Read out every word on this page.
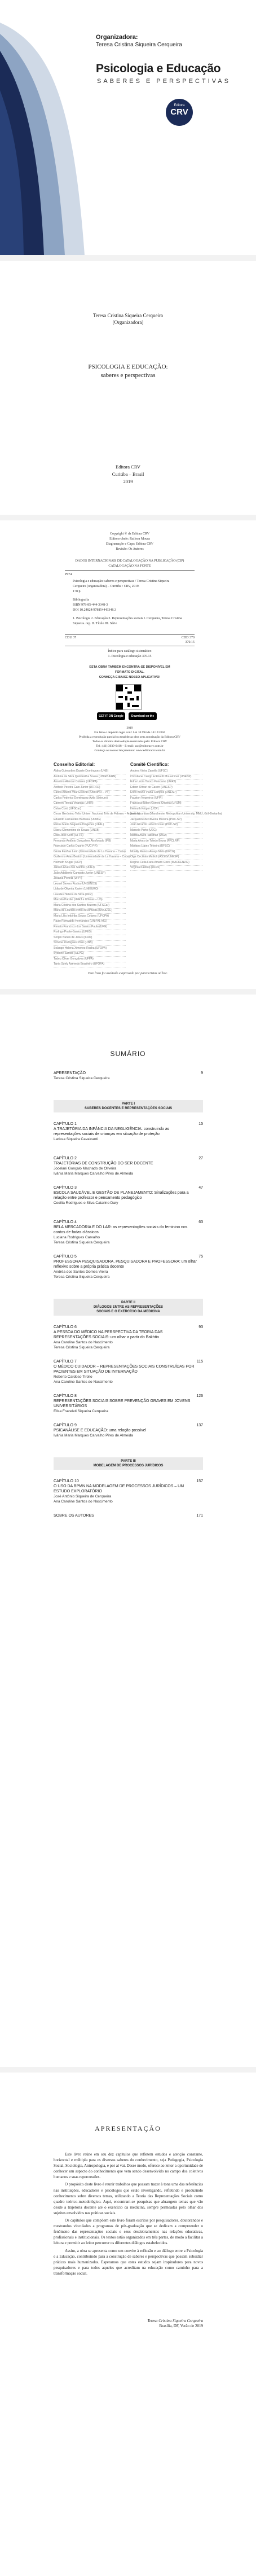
Organizadora:
Teresa Cristina Siqueira Cerqueira
Psicologia e Educação
SABERES E PERSPECTIVAS
Editora
CRV
Teresa Cristina Siqueira Cerqueira
(Organizadora)
PSICOLOGIA E EDUCAÇÃO:
saberes e perspectivas
Editora CRV
Curitiba – Brasil
2019
Copyright © da Editora CRV
Editora-chefe: Railson Moura
Diagramação e Capa: Editora CRV
Revisão: Os Autores
DADOS INTERNACIONAIS DE CATALOGAÇÃO NA PUBLICAÇÃO (CIP)
CATALOGAÇÃO NA FONTE
P974
Psicologia e educação: saberes e perspectivas / Teresa Cristina Siqueira
Cerqueira (organizadora) – Curitiba : CRV, 2019.
178 p.
Bibliografia
ISBN 978-85-444-3348-3
DOI 10.24824/978854443348.3
1. Psicologia 2. Educação 3. Representações sociais I. Cerqueira, Teresa Cristina Siqueira. org. II. Título III. Série
CDU 37	CDD 370
370.15
Índice para catálogo sistemático
1. Psicologia e educação 370.15
ESTA OBRA TAMBÉM ENCONTRA-SE DISPONÍVEL EM
FORMATO DIGITAL.
CONHEÇA E BAIXE NOSSO APLICATIVO!
GET IT ON Google Play
Download on the App Store
2019
Foi feito o depósito legal conf. Lei 10.994 de 14/12/2004
Proibida a reprodução parcial ou total desta obra sem autorização da Editora CRV
Todos os direitos desta edição reservados pela: Editora CRV
Tel.: (41) 3039-6418 – E-mail: sac@editoracrv.com.br
Conheça os nossos lançamentos: www.editoracrv.com.br
Conselho Editorial:
Aldira Guimarães Duarte Domínguez (UNB)
Andréia da Silva Quintanilha Sousa (UNIR/UFRN)
Anselmo Alencar Colares (UFOPA)
Antônio Pereira Gaio Júnior (UFRRJ)
Carlos Alberto Vilar Estêvão (UMINHO – PT)
Carlos Federico Dominguez Avila (Unieuro)
Carmen Tereza Velanga (UNIR)
Celso Conti (UFSCar)
Cesar Gerónimo Tello (Univer. Nacional Três de Febrero – Argentina)
Eduardo Fernandes Barbosa (UFMG)
Elione Maria Nogueira Diogenes (UFAL)
Elizeu Clementino de Souza (UNEB)
Élsio José Corá (UFFS)
Fernando Antônio Gonçalves Alcoforado (IPB)
Francisco Carlos Duarte (PUC-PR)
Gloria Fariñas León (Universidade de La Havana – Cuba)
Guillermo Arias Beatón (Universidade de La Havana – Cuba)
Helmuth Krüger (UCP)
Jailson Alves dos Santos (UFRJ)
João Adalberto Campato Junior (UNESP)
Josania Portela (UFPI)
Leonel Severo Rocha (UNISINOS)
Lídia de Oliveira Xavier (UNIEURO)
Lourdes Helena da Silva (UFV)
Marcelo Paixão (UFRJ e UTexas – US)
Maria Cristina dos Santos Bezerra (UFSCar)
Maria de Lourdes Pinto de Almeida (UNOESC)
Maria Lília Imbiriba Sousa Colares (UFOPA)
Paulo Romualdo Hernandes (UNIFAL-MG)
Renato Francisco dos Santos Paula (UFG)
Rodrigo Pratte-Santos (UFES)
Sérgio Nunes de Jesus (IFRO)
Simone Rodrigues Pinto (UNB)
Solange Helena Ximenes-Rocha (UFOPA)
Sydione Santos (UEPG)
Tadeu Oliver Gonçalves (UFPA)
Tania Suely Azevedo Brasileiro (UFOPA)
Comitê Científico:
Andrea Vieira Zanella (UFSC)
Christiane Carrijo Eckhardt Mouammar (UNESP)
Edna Lúcia Tinoco Ponciano (UERJ)
Edson Olivari de Castro (UNESP)
Érico Bruno Viana Campos (UNESP)
Fauston Negreiros (UFPI)
Francisco Nilton Gomes Oliveira (UFSM)
Helmuth Krüger (UCP)
Ilana Mountian (Manchester Metropolitan University, MMU, Grã-Bretanha)
Jacqueline de Oliveira Moreira (PUC-SP)
João Ricardo Lebert Cozac (PUC-SP)
Marcelo Porto (UEG)
Marcia Alves Tassinari (USU)
Maria Alves de Toledo Bruns (FFCLRP)
Mariana Lopez Teixeira (UFSC)
Monilly Ramos Araujo Melo (UFCG)
Olga Ceciliato Mattioli (ASSIS/UNESP)
Regina Célia Faria Amaro Giora (MACKENZIE)
Virgínia Kastrup (UFRJ)
Este livro foi avaliado e aprovado por pareceristas ad hoc.
SUMÁRIO
APRESENTAÇÃO	9
Teresa Cristina Siqueira Cerqueira
PARTE I
SABERES DOCENTES E REPRESENTAÇÕES SOCIAIS
CAPÍTULO 1
A TRAJETÓRIA DA INFÂNCIA DA NEGLIGÊNCIA: construindo as representações sociais de crianças em situação de proteção
15
Larissa Siqueira Cavalcanti
CAPÍTULO 2
TRAJETÓRIAS DE CONSTRUÇÃO DO SER DOCENTE
27
Jocelani Gonçalo Machado de Oliveira
Ivânia Maria Marques Carvalho Pires de Almeida
CAPÍTULO 3
ESCOLA SAUDÁVEL E GESTÃO DE PLANEJAMENTO: Sinalizações para a relação entre professor e pensamento pedagógico
47
Cecília Rodrigues e Silva Catarino Dary
CAPÍTULO 4
BELA MERCADORIA E DO LAR: as representações sociais do feminino nos contos de fadas clássicos
63
Luciana Rodrigues Carvalho
Teresa Cristina Siqueira Cerqueira
CAPÍTULO 5
PROFESSORA PESQUISADORA, PESQUISADORA E PROFESSORA: um olhar reflexivo sobre a própria prática docente
75
Andréa dos Santos Gomes Vieira
Teresa Cristina Siqueira Cerqueira
PARTE II
DIÁLOGOS ENTRE AS REPRESENTAÇÕES
SOCIAIS E O EXERCÍCIO DA MEDICINA
CAPÍTULO 6
A PESSOA DO MÉDICO NA PERSPECTIVA DA TEORIA DAS REPRESENTAÇÕES SOCIAIS: um olhar a partir do Bakhtin
93
Ana Caroline Santos do Nascimento
Teresa Cristina Siqueira Cerqueira
CAPÍTULO 7
O MÉDICO CUIDADOR – REPRESENTAÇÕES SOCIAIS CONSTRUÍDAS POR PACIENTES EM SITUAÇÃO DE INTERNAÇÃO
115
Roberto Cardoso Tirollo
Ana Caroline Santos do Nascimento
CAPÍTULO 8
REPRESENTAÇÕES SOCIAIS SOBRE PREVENÇÃO GRAVES EM JOVENS UNIVERSITÁRIOS
126
Elisa Frazeleti Siqueira Cerqueira
CAPÍTULO 9
PSICANÁLISE E EDUCAÇÃO: uma relação possível
137
Ivânia Maria Marques Carvalho Pires de Almeida
PARTE III
MODELAGEM DE PROCESSOS JURÍDICOS
CAPÍTULO 10
O USO DA BPMN NA MODELAGEM DE PROCESSOS JURÍDICOS – UM ESTUDO EXPLORATÓRIO
157
José Antônio Siqueira de Cerqueira
Ana Caroline Santos do Nascimento
SOBRE OS AUTORES	171
APRESENTAÇÃO

Este livro reúne em seu dez capítulos que refletem estudos e atenção constante, horizontal e múltipla para os diversos saberes do conhecimento, seja Pedagogia, Psicologia Social, Sociologia, Antropologia, e por aí vai. Desse modo, oferece ao leitor a oportunidade de conhecer um aspecto do conhecimento que vem sendo desenvolvido no campo dos coletivos humanos e suas repercussões.

O propósito deste livro é reunir trabalhos que possam trazer à tona uma das referências nas instituições, educadores e psicólogos que estão investigando, refletindo e produzindo conhecimento sobre diversos temas, utilizando a Teoria das Representações Sociais como quadro teórico-metodológico. Aqui, encontram-se pesquisas que abrangem temas que vão desde a trajetória docente até o exercício da medicina, sempre permeadas pelo olhar dos sujeitos envolvidos nas práticas sociais.

Os capítulos que compõem este livro foram escritos por pesquisadores, doutorandos e mestrandos vinculados a programas de pós-graduação que se dedicam a compreender o fenômeno das representações sociais e seus desdobramentos nas relações educativas, profissionais e institucionais. Os textos estão organizados em três partes, de modo a facilitar a leitura e permitir ao leitor percorrer os diferentes diálogos estabelecidos.

Assim, a obra se apresenta como um convite à reflexão e ao diálogo entre a Psicologia e a Educação, contribuindo para a construção de saberes e perspectivas que possam subsidiar práticas mais humanizadas. Esperamos que estes estudos sejam inspiradores para novos pesquisadores e para todos aqueles que acreditam na educação como caminho para a transformação social.

Teresa Cristina Siqueira Cerqueira
Brasília, DF, Verão de 2019
